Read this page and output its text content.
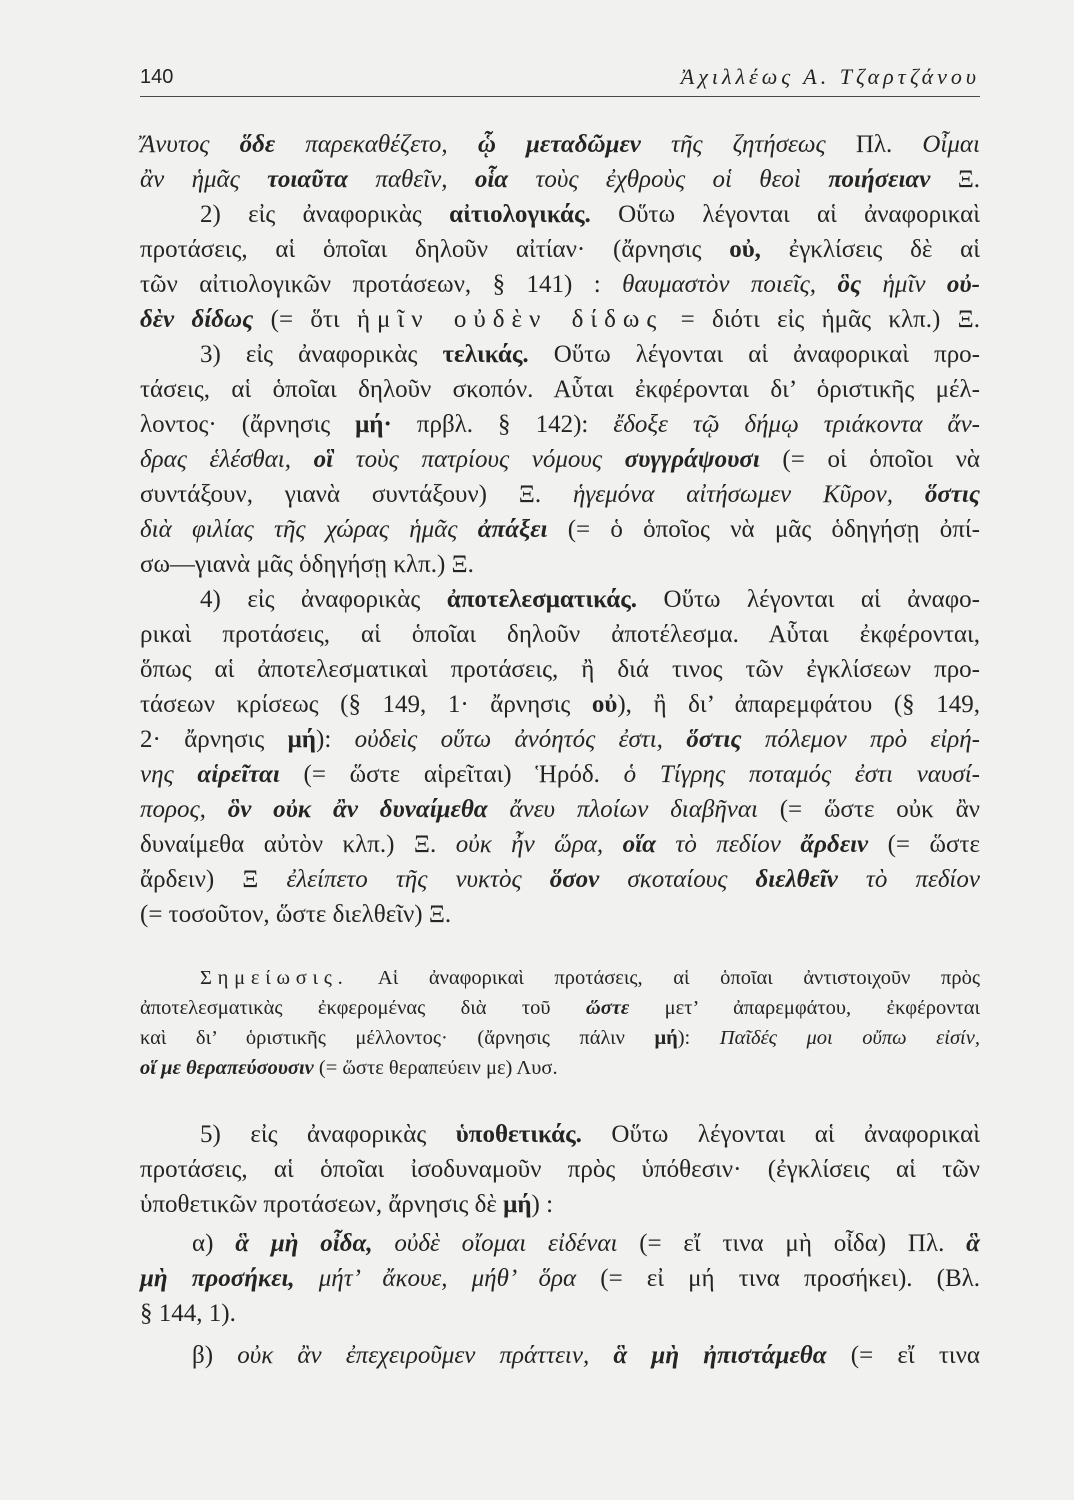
140	Ἀχιλλέως Α. Τζαρτζάνου
Ἄνυτος ὅδε παρεκαθέζετο, ᾧ μεταδῶμεν τῆς ζητήσεως Πλ. Οἶμαι
ἂν ἡμᾶς τοιαῦτα παθεῖν, οἷα τοὺς ἐχθροὺς οἱ θεοὶ ποιήσειαν Ξ.
2) εἰς ἀναφορικὰς αἰτιολογικάς. Οὕτω λέγονται αἱ ἀναφορικαὶ
προτάσεις, αἱ ὁποῖαι δηλοῦν αἰτίαν· (ἄρνησις οὐ, ἐγκλίσεις δὲ αἱ
τῶν αἰτιολογικῶν προτάσεων, § 141) : θαυμαστὸν ποιεῖς, ὃς ἡμῖν οὐ-
δὲν δίδως (= ὅτι ἡμῖν οὐδὲν δίδως = διότι εἰς ἡμᾶς κλπ.) Ξ.
3) εἰς ἀναφορικὰς τελικάς. Οὕτω λέγονται αἱ ἀναφορικαὶ προ-
τάσεις, αἱ ὁποῖαι δηλοῦν σκοπόν. Αὗται ἐκφέρονται δι’ ὁριστικῆς μέλ-
λοντος· (ἄρνησις μή· πρβλ. § 142): ἔδοξε τῷ δήμῳ τριάκοντα ἄν-
δρας ἑλέσθαι, οἳ τοὺς πατρίους νόμους συγγράψουσι (= οἱ ὁποῖοι νὰ
συντάξουν, γιανὰ συντάξουν) Ξ. ἡγεμόνα αἰτήσωμεν Κῦρον, ὅστις
διὰ φιλίας τῆς χώρας ἡμᾶς ἀπάξει (= ὁ ὁποῖος νὰ μᾶς ὁδηγήσῃ ὀπί-
σω—γιανὰ μᾶς ὁδηγήσῃ κλπ.) Ξ.
4) εἰς ἀναφορικὰς ἀποτελεσματικάς. Οὕτω λέγονται αἱ ἀναφο-
ρικαὶ προτάσεις, αἱ ὁποῖαι δηλοῦν ἀποτέλεσμα. Αὗται ἐκφέρονται,
ὅπως αἱ ἀποτελεσματικαὶ προτάσεις, ἢ διά τινος τῶν ἐγκλίσεων προ-
τάσεων κρίσεως (§ 149, 1· ἄρνησις οὐ), ἢ δι’ ἀπαρεμφάτου (§ 149,
2· ἄρνησις μή): οὐδεὶς οὕτω ἀνόητός ἐστι, ὅστις πόλεμον πρὸ εἰρή-
νης αἱρεῖται (= ὥστε αἱρεῖται) Ἡρόδ. ὁ Τίγρης ποταμός ἐστι ναυσί-
πορος, ὃν οὐκ ἂν δυναίμεθα ἄνευ πλοίων διαβῆναι (= ὥστε οὐκ ἂν
δυναίμεθα αὐτὸν κλπ.) Ξ. οὐκ ἦν ὥρα, οἵα τὸ πεδίον ἄρδειν (= ὥστε
ἄρδειν) Ξ ἐλείπετο τῆς νυκτὸς ὅσον σκοταίους διελθεῖν τὸ πεδίον
(= τοσοῦτον, ὥστε διελθεῖν) Ξ.
Σημείωσις. Αἱ ἀναφορικαὶ προτάσεις, αἱ ὁποῖαι ἀντιστοιχοῦν πρὸς
ἀποτελεσματικὰς ἐκφερομένας διὰ τοῦ ὥστε μετ’ ἀπαρεμφάτου, ἐκφέρονται
καὶ δι’ ὁριστικῆς μέλλοντος· (ἄρνησις πάλιν μή): Παῖδές μοι οὔπω εἰσίν,
οἵ με θεραπεύσουσιν (= ὥστε θεραπεύειν με) Λυσ.
5) εἰς ἀναφορικὰς ὑποθετικάς. Οὕτω λέγονται αἱ ἀναφορικαὶ
προτάσεις, αἱ ὁποῖαι ἰσοδυναμοῦν πρὸς ὑπόθεσιν· (ἐγκλίσεις αἱ τῶν
ὑποθετικῶν προτάσεων, ἄρνησις δὲ μή) :
α) ἃ μὴ οἶδα, οὐδὲ οἴομαι εἰδέναι (= εἴ τινα μὴ οἶδα) Πλ. ἃ
μὴ προσήκει, μήτ’ ἄκουε, μήθ’ ὅρα (= εἰ μή τινα προσήκει). (Βλ.
§ 144, 1).
β) οὐκ ἂν ἐπεχειροῦμεν πράττειν, ἃ μὴ ἠπιστάμεθα (= εἴ τινα
